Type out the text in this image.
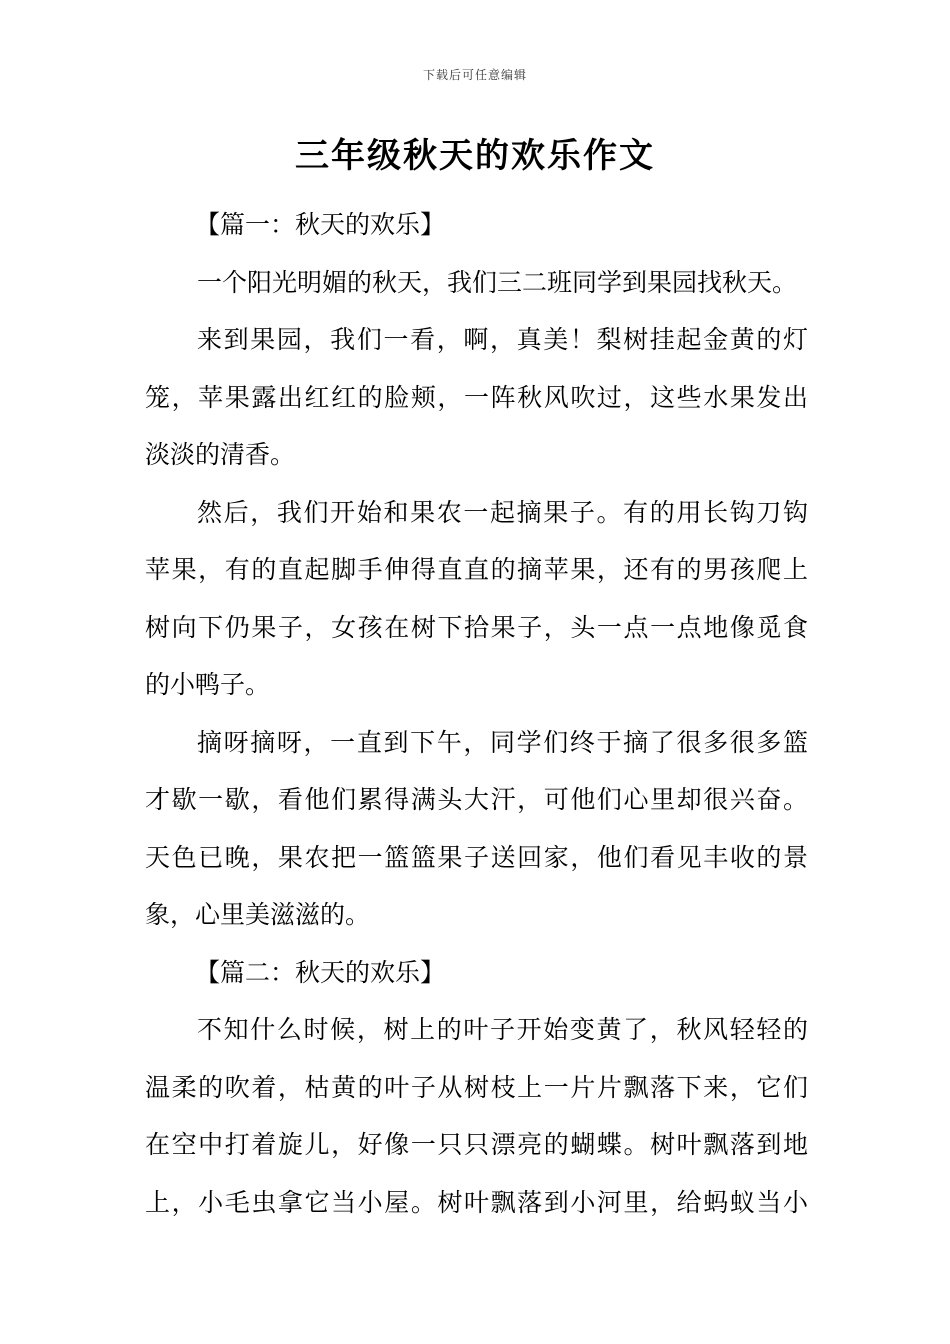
下载后可任意编辑
三年级秋天的欢乐作文
【篇一：秋天的欢乐】
一个阳光明媚的秋天，我们三二班同学到果园找秋天。
来到果园，我们一看，啊，真美！梨树挂起金黄的灯
笼，苹果露出红红的脸颊，一阵秋风吹过，这些水果发出
淡淡的清香。
然后，我们开始和果农一起摘果子。有的用长钩刀钩
苹果，有的直起脚手伸得直直的摘苹果，还有的男孩爬上
树向下仍果子，女孩在树下拾果子，头一点一点地像觅食
的小鸭子。
摘呀摘呀，一直到下午，同学们终于摘了很多很多篮
才歇一歇，看他们累得满头大汗，可他们心里却很兴奋。
天色已晚，果农把一篮篮果子送回家，他们看见丰收的景
象，心里美滋滋的。
【篇二：秋天的欢乐】
不知什么时候，树上的叶子开始变黄了，秋风轻轻的
温柔的吹着，枯黄的叶子从树枝上一片片飘落下来，它们
在空中打着旋儿，好像一只只漂亮的蝴蝶。树叶飘落到地
上，小毛虫拿它当小屋。树叶飘落到小河里，给蚂蚁当小
